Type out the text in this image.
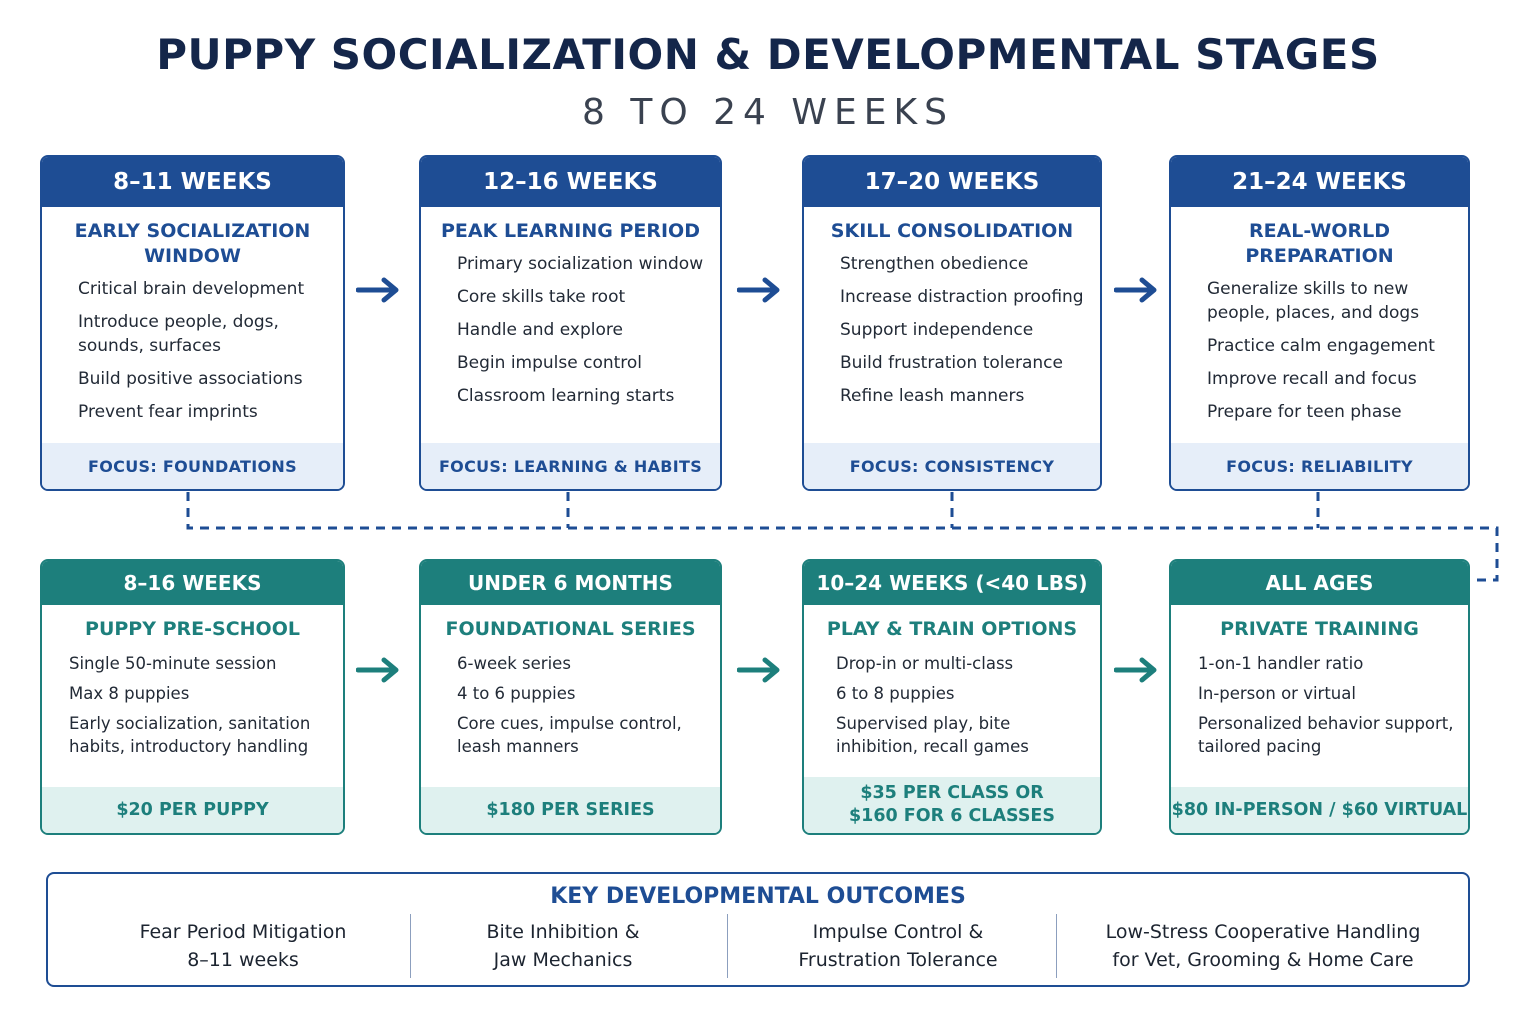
PUPPY SOCIALIZATION & DEVELOPMENTAL STAGES
8 TO 24 WEEKS
8–11 WEEKS
EARLY SOCIALIZATION WINDOW
Critical brain development
Introduce people, dogs, sounds, surfaces
Build positive associations
Prevent fear imprints
FOCUS: FOUNDATIONS
12–16 WEEKS
PEAK LEARNING PERIOD
Primary socialization window
Core skills take root
Handle and explore
Begin impulse control
Classroom learning starts
FOCUS: LEARNING & HABITS
17–20 WEEKS
SKILL CONSOLIDATION
Strengthen obedience
Increase distraction proofing
Support independence
Build frustration tolerance
Refine leash manners
FOCUS: CONSISTENCY
21–24 WEEKS
REAL-WORLD PREPARATION
Generalize skills to new people, places, and dogs
Practice calm engagement
Improve recall and focus
Prepare for teen phase
FOCUS: RELIABILITY
8–16 WEEKS
PUPPY PRE-SCHOOL
Single 50-minute session
Max 8 puppies
Early socialization, sanitation habits, introductory handling
$20 PER PUPPY
UNDER 6 MONTHS
FOUNDATIONAL SERIES
6-week series
4 to 6 puppies
Core cues, impulse control, leash manners
$180 PER SERIES
10–24 WEEKS (<40 LBS)
PLAY & TRAIN OPTIONS
Drop-in or multi-class
6 to 8 puppies
Supervised play, bite inhibition, recall games
$35 PER CLASS OR $160 FOR 6 CLASSES
ALL AGES
PRIVATE TRAINING
1-on-1 handler ratio
In-person or virtual
Personalized behavior support, tailored pacing
$80 IN-PERSON / $60 VIRTUAL
KEY DEVELOPMENTAL OUTCOMES
Fear Period Mitigation
8–11 weeks
Bite Inhibition &
Jaw Mechanics
Impulse Control &
Frustration Tolerance
Low-Stress Cooperative Handling
for Vet, Grooming & Home Care
